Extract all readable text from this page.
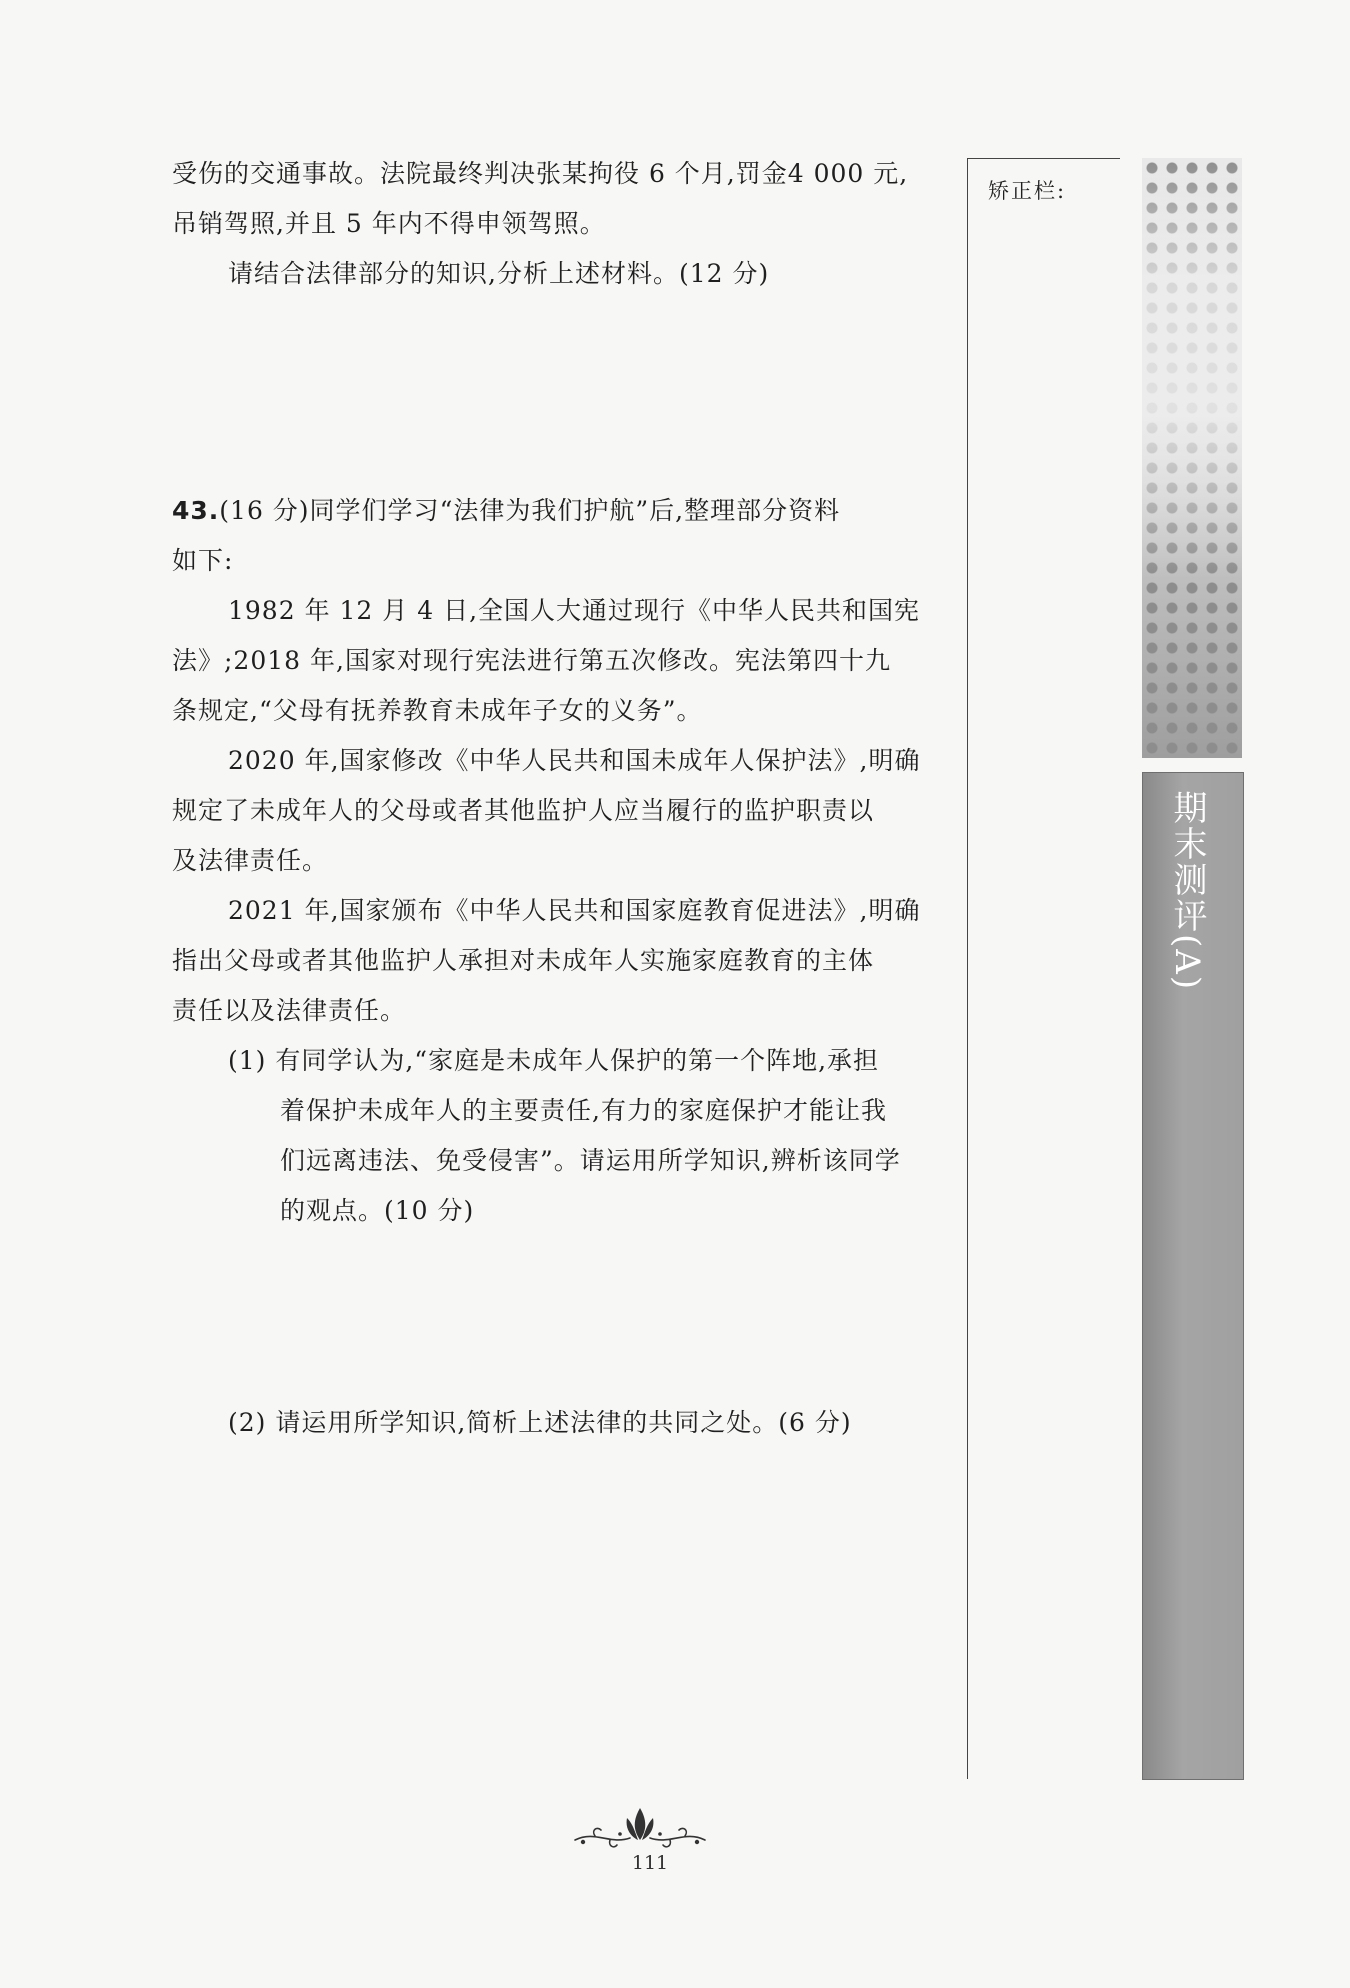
受伤的交通事故。法院最终判决张某拘役 6 个月,罚金4 000 元,
吊销驾照,并且 5 年内不得申领驾照。
请结合法律部分的知识,分析上述材料。(12 分)
43.(16 分)同学们学习“法律为我们护航”后,整理部分资料
如下:
1982 年 12 月 4 日,全国人大通过现行《中华人民共和国宪
法》;2018 年,国家对现行宪法进行第五次修改。宪法第四十九
条规定,“父母有抚养教育未成年子女的义务”。
2020 年,国家修改《中华人民共和国未成年人保护法》,明确
规定了未成年人的父母或者其他监护人应当履行的监护职责以
及法律责任。
2021 年,国家颁布《中华人民共和国家庭教育促进法》,明确
指出父母或者其他监护人承担对未成年人实施家庭教育的主体
责任以及法律责任。
(1) 有同学认为,“家庭是未成年人保护的第一个阵地,承担
着保护未成年人的主要责任,有力的家庭保护才能让我
们远离违法、免受侵害”。请运用所学知识,辨析该同学
的观点。(10 分)
(2) 请运用所学知识,简析上述法律的共同之处。(6 分)
矫正栏:
期末测评(A)
111
